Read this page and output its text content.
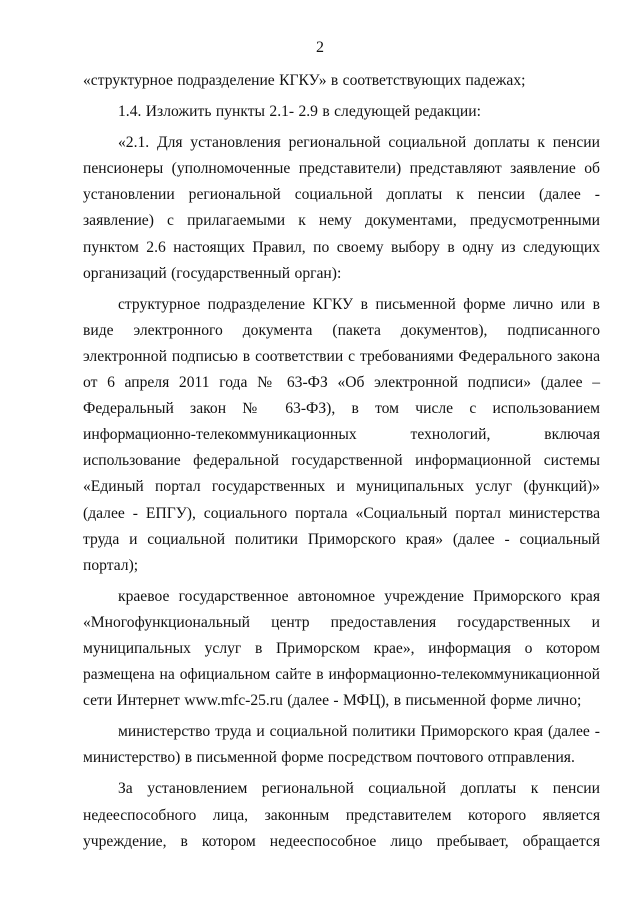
2

«структурное подразделение КГКУ» в соответствующих падежах;

1.4. Изложить пункты 2.1- 2.9 в следующей редакции:

«2.1. Для установления региональной социальной доплаты к пенсии пенсионеры (уполномоченные представители) представляют заявление об установлении региональной социальной доплаты к пенсии (далее - заявление) с прилагаемыми к нему документами, предусмотренными пунктом 2.6 настоящих Правил, по своему выбору в одну из следующих организаций (государственный орган):

структурное подразделение КГКУ в письменной форме лично или в виде электронного документа (пакета документов), подписанного электронной подписью в соответствии с требованиями Федерального закона от 6 апреля 2011 года № 63-ФЗ «Об электронной подписи» (далее – Федеральный закон № 63-ФЗ), в том числе с использованием информационно-телекоммуникационных технологий, включая использование федеральной государственной информационной системы «Единый портал государственных и муниципальных услуг (функций)» (далее - ЕПГУ), социального портала «Социальный портал министерства труда и социальной политики Приморского края» (далее - социальный портал);

краевое государственное автономное учреждение Приморского края «Многофункциональный центр предоставления государственных и муниципальных услуг в Приморском крае», информация о котором размещена на официальном сайте в информационно-телекоммуникационной сети Интернет www.mfc-25.ru (далее - МФЦ), в письменной форме лично;

министерство труда и социальной политики Приморского края (далее - министерство) в письменной форме посредством почтового отправления.

За установлением региональной социальной доплаты к пенсии недееспособного лица, законным представителем которого является учреждение, в котором недееспособное лицо пребывает, обращается
